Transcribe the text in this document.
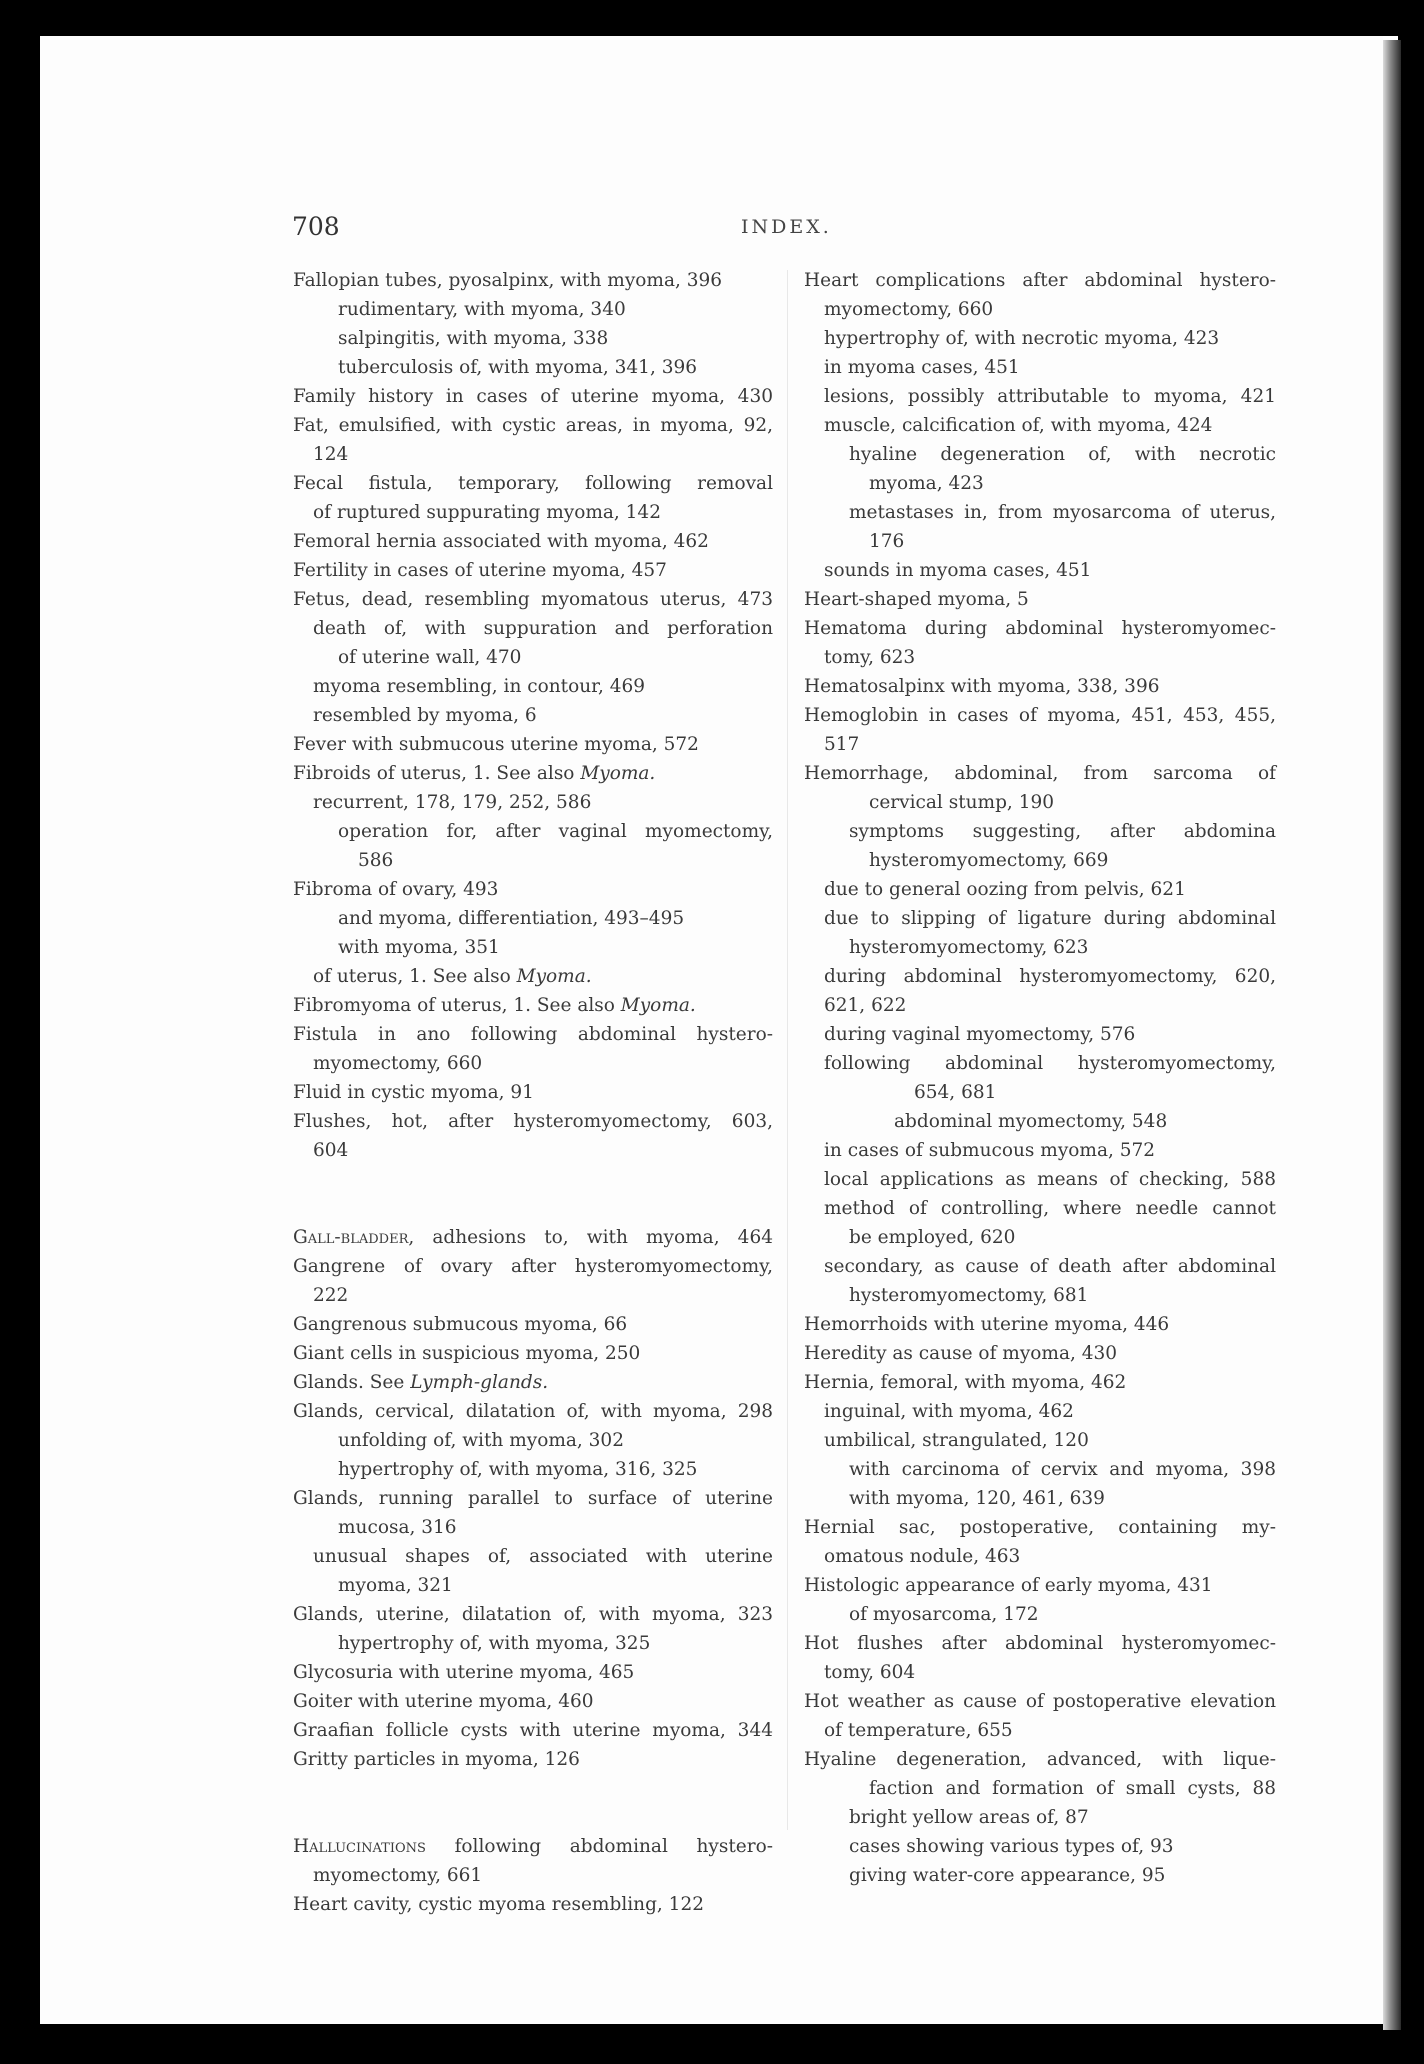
708	INDEX.
Fallopian tubes, pyosalpinx, with myoma, 396
rudimentary, with myoma, 340
salpingitis, with myoma, 338
tuberculosis of, with myoma, 341, 396
Family history in cases of uterine myoma, 430
Fat, emulsified, with cystic areas, in myoma, 92,
124
Fecal fistula, temporary, following removal
of ruptured suppurating myoma, 142
Femoral hernia associated with myoma, 462
Fertility in cases of uterine myoma, 457
Fetus, dead, resembling myomatous uterus, 473
death of, with suppuration and perforation
of uterine wall, 470
myoma resembling, in contour, 469
resembled by myoma, 6
Fever with submucous uterine myoma, 572
Fibroids of uterus, 1. See also Myoma.
recurrent, 178, 179, 252, 586
operation for, after vaginal myomectomy,
586
Fibroma of ovary, 493
and myoma, differentiation, 493–495
with myoma, 351
of uterus, 1. See also Myoma.
Fibromyoma of uterus, 1. See also Myoma.
Fistula in ano following abdominal hystero-
myomectomy, 660
Fluid in cystic myoma, 91
Flushes, hot, after hysteromyomectomy, 603,
604
Gall-bladder, adhesions to, with myoma, 464
Gangrene of ovary after hysteromyomectomy,
222
Gangrenous submucous myoma, 66
Giant cells in suspicious myoma, 250
Glands. See Lymph-glands.
Glands, cervical, dilatation of, with myoma, 298
unfolding of, with myoma, 302
hypertrophy of, with myoma, 316, 325
Glands, running parallel to surface of uterine
mucosa, 316
unusual shapes of, associated with uterine
myoma, 321
Glands, uterine, dilatation of, with myoma, 323
hypertrophy of, with myoma, 325
Glycosuria with uterine myoma, 465
Goiter with uterine myoma, 460
Graafian follicle cysts with uterine myoma, 344
Gritty particles in myoma, 126
Hallucinations following abdominal hystero-
myomectomy, 661
Heart cavity, cystic myoma resembling, 122
Heart complications after abdominal hystero-
myomectomy, 660
hypertrophy of, with necrotic myoma, 423
in myoma cases, 451
lesions, possibly attributable to myoma, 421
muscle, calcification of, with myoma, 424
hyaline degeneration of, with necrotic
myoma, 423
metastases in, from myosarcoma of uterus,
176
sounds in myoma cases, 451
Heart-shaped myoma, 5
Hematoma during abdominal hysteromyomec-
tomy, 623
Hematosalpinx with myoma, 338, 396
Hemoglobin in cases of myoma, 451, 453, 455,
517
Hemorrhage, abdominal, from sarcoma of
cervical stump, 190
symptoms suggesting, after abdomina
hysteromyomectomy, 669
due to general oozing from pelvis, 621
due to slipping of ligature during abdominal
hysteromyomectomy, 623
during abdominal hysteromyomectomy, 620,
621, 622
during vaginal myomectomy, 576
following abdominal hysteromyomectomy,
654, 681
abdominal myomectomy, 548
in cases of submucous myoma, 572
local applications as means of checking, 588
method of controlling, where needle cannot
be employed, 620
secondary, as cause of death after abdominal
hysteromyomectomy, 681
Hemorrhoids with uterine myoma, 446
Heredity as cause of myoma, 430
Hernia, femoral, with myoma, 462
inguinal, with myoma, 462
umbilical, strangulated, 120
with carcinoma of cervix and myoma, 398
with myoma, 120, 461, 639
Hernial sac, postoperative, containing my-
omatous nodule, 463
Histologic appearance of early myoma, 431
of myosarcoma, 172
Hot flushes after abdominal hysteromyomec-
tomy, 604
Hot weather as cause of postoperative elevation
of temperature, 655
Hyaline degeneration, advanced, with lique-
faction and formation of small cysts, 88
bright yellow areas of, 87
cases showing various types of, 93
giving water-core appearance, 95
